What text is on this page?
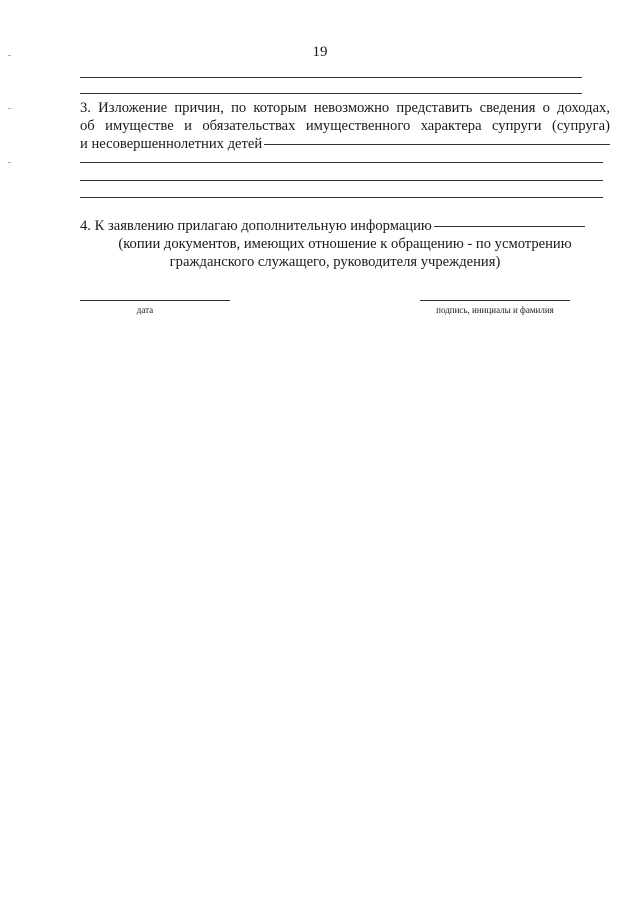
19
3. Изложение причин, по которым невозможно представить сведения о доходах,
об имуществе и обязательствах имущественного характера супруги (супруга)
и несовершеннолетних детей
4. К заявлению прилагаю дополнительную информацию
(копии документов, имеющих отношение к обращению - по усмотрению
гражданского служащего, руководителя учреждения)
дата	подпись, инициалы и фамилия
